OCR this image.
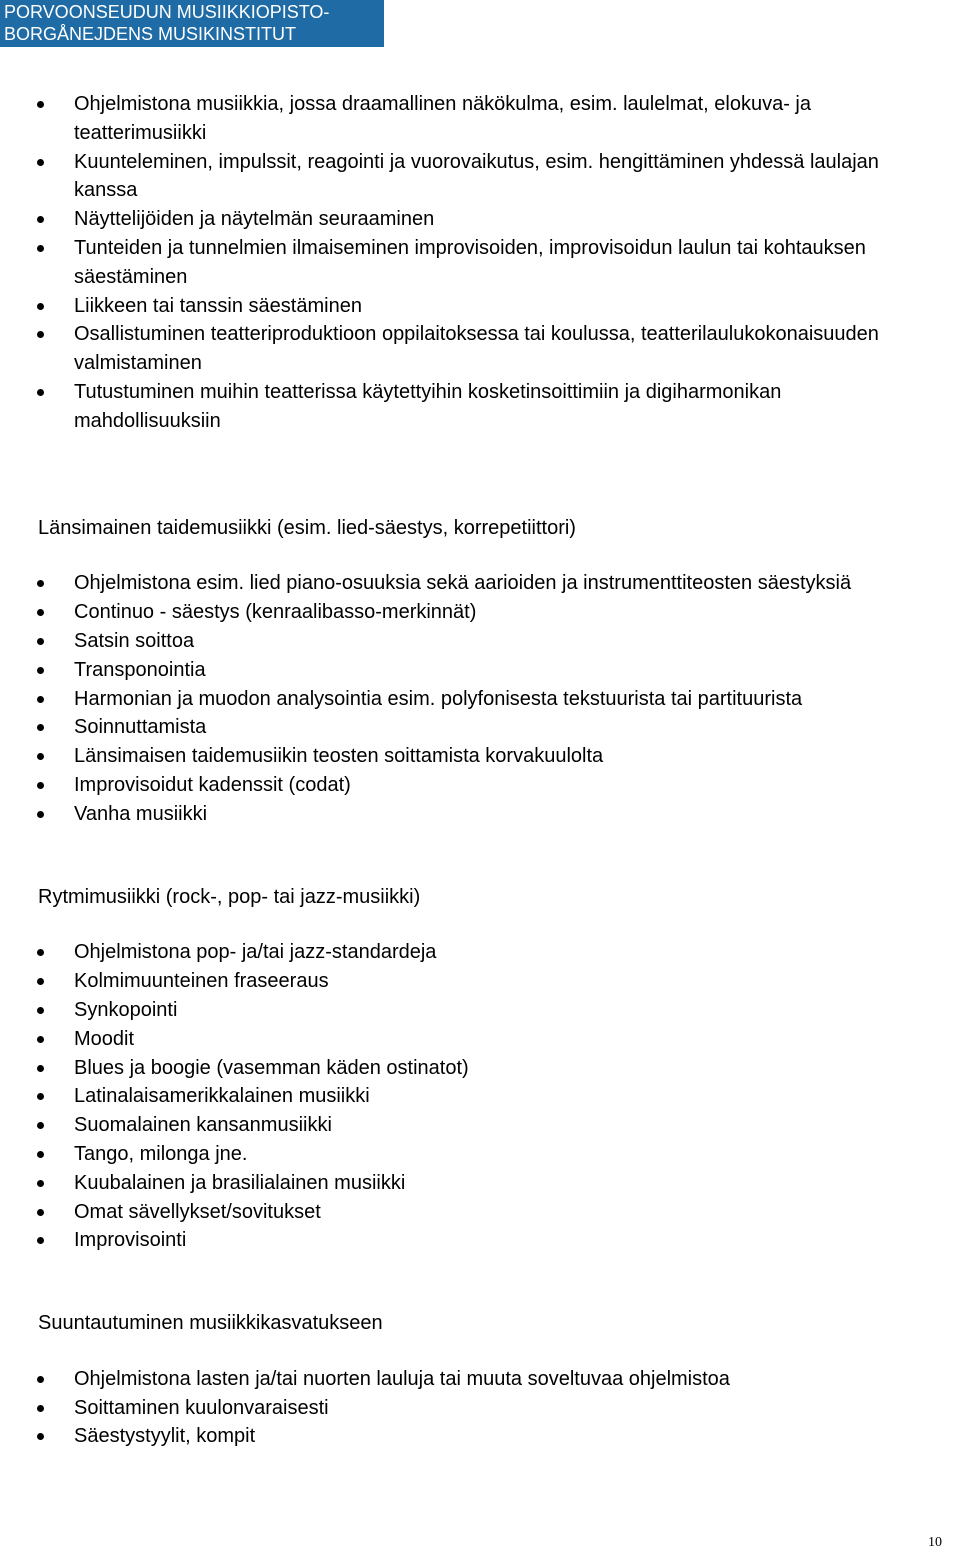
PORVOONSEUDUN MUSIIKKIOPISTO-
BORGÅNEJDENS MUSIKINSTITUT
Ohjelmistona musiikkia, jossa draamallinen näkökulma, esim. laulelmat, elokuva- ja teatterimusiikki
Kuunteleminen, impulssit, reagointi ja vuorovaikutus, esim. hengittäminen yhdessä laulajan kanssa
Näyttelijöiden ja näytelmän seuraaminen
Tunteiden ja tunnelmien ilmaiseminen improvisoiden, improvisoidun laulun tai kohtauksen säestäminen
Liikkeen tai tanssin säestäminen
Osallistuminen teatteriproduktioon oppilaitoksessa tai koulussa, teatterilaulukokonaisuuden valmistaminen
Tutustuminen muihin teatterissa käytettyihin kosketinsoittimiin ja digiharmonikan mahdollisuuksiin
Länsimainen taidemusiikki (esim. lied-säestys, korrepetiittori)
Ohjelmistona esim. lied piano-osuuksia sekä aarioiden ja instrumenttiteosten säestyksiä
Continuo - säestys (kenraalibasso-merkinnät)
Satsin soittoa
Transponointia
Harmonian ja muodon analysointia esim. polyfonisesta tekstuurista tai partituurista
Soinnuttamista
Länsimaisen taidemusiikin teosten soittamista korvakuulolta
Improvisoidut kadenssit (codat)
Vanha musiikki
Rytmimusiikki (rock-, pop- tai jazz-musiikki)
Ohjelmistona pop- ja/tai jazz-standardeja
Kolmimuunteinen fraseeraus
Synkopointi
Moodit
Blues ja boogie (vasemman käden ostinatot)
Latinalaisamerikkalainen musiikki
Suomalainen kansanmusiikki
Tango, milonga jne.
Kuubalainen ja brasilialainen musiikki
Omat sävellykset/sovitukset
Improvisointi
Suuntautuminen musiikkikasvatukseen
Ohjelmistona lasten ja/tai nuorten lauluja tai muuta soveltuvaa ohjelmistoa
Soittaminen kuulonvaraisesti
Säestystyylit, kompit
10
